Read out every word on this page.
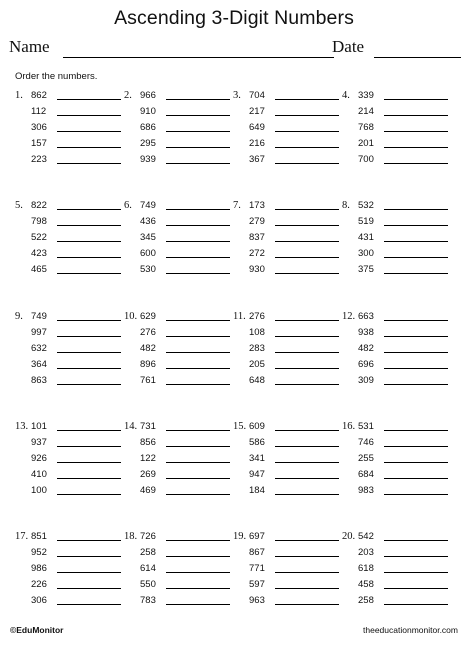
Ascending 3-Digit Numbers
Name	Date
Order the numbers.
1. 862
112
306
157
223
2. 966
910
686
295
939
3. 704
217
649
216
367
4. 339
214
768
201
700
5. 822
798
522
423
465
6. 749
436
345
600
530
7. 173
279
837
272
930
8. 532
519
431
300
375
9. 749
997
632
364
863
10. 629
276
482
896
761
11. 276
108
283
205
648
12. 663
938
482
696
309
13. 101
937
926
410
100
14. 731
856
122
269
469
15. 609
586
341
947
184
16. 531
746
255
684
983
17. 851
952
986
226
306
18. 726
258
614
550
783
19. 697
867
771
597
963
20. 542
203
618
458
258
©EduMonitor	theeducationmonitor.com
